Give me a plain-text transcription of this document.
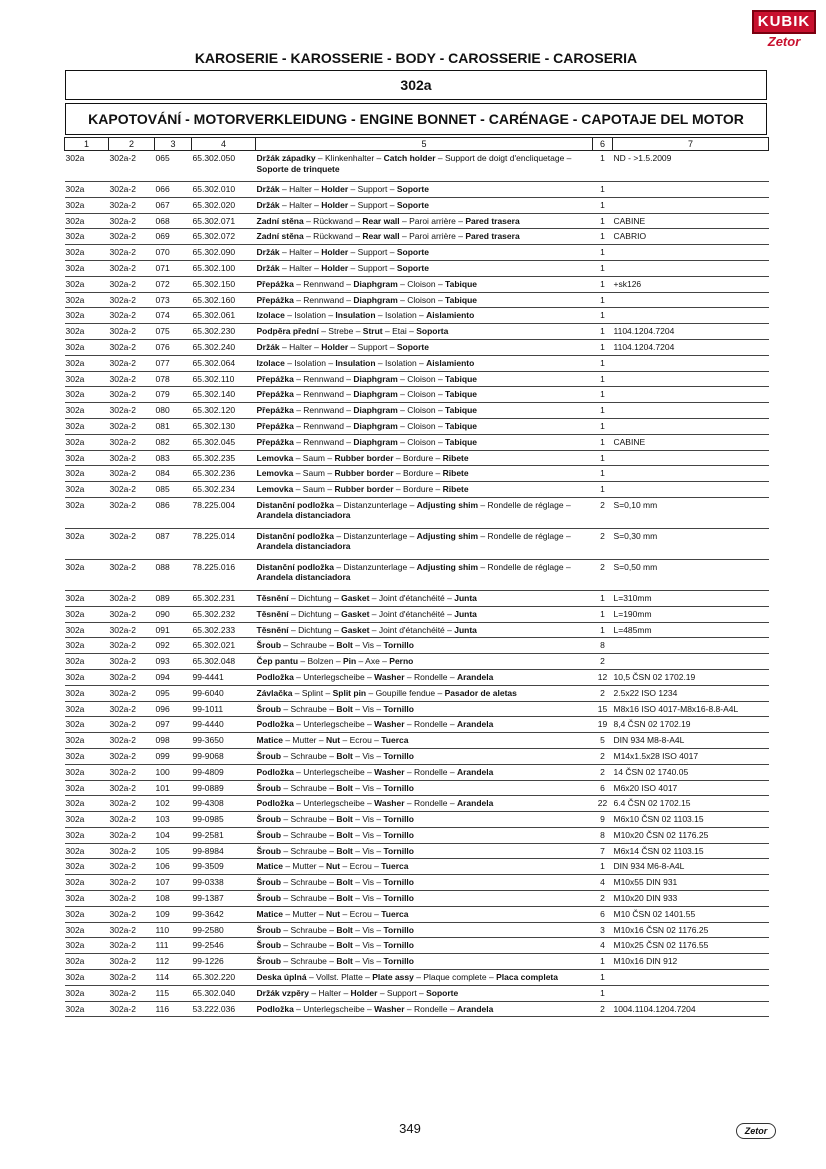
KUBIK
Zetor
KAROSERIE - KAROSSERIE - BODY - CAROSSERIE - CAROSERIA
302a
KAPOTOVÁNÍ - MOTORVERKLEIDUNG - ENGINE BONNET - CARÉNAGE - CAPOTAJE DEL MOTOR
1	2	3	4	5	6	7
302a	302a-2	065	65.302.050	Držák západky – Klinkenhalter – Catch holder – Support de doigt d'encliquetage – Soporte de trinquete	1	ND - >1.5.2009
302a	302a-2	066	65.302.010	Držák – Halter – Holder – Support – Soporte	1	
302a	302a-2	067	65.302.020	Držák – Halter – Holder – Support – Soporte	1	
302a	302a-2	068	65.302.071	Zadní stěna – Rückwand – Rear wall – Paroi arrière – Pared trasera	1	CABINE
302a	302a-2	069	65.302.072	Zadní stěna – Rückwand – Rear wall – Paroi arrière – Pared trasera	1	CABRIO
302a	302a-2	070	65.302.090	Držák – Halter – Holder – Support – Soporte	1	
302a	302a-2	071	65.302.100	Držák – Halter – Holder – Support – Soporte	1	
302a	302a-2	072	65.302.150	Přepážka – Rennwand – Diaphgram – Cloison – Tabique	1	+sk126
302a	302a-2	073	65.302.160	Přepážka – Rennwand – Diaphgram – Cloison – Tabique	1	
302a	302a-2	074	65.302.061	Izolace – Isolation – Insulation – Isolation – Aislamiento	1	
302a	302a-2	075	65.302.230	Podpěra přední – Strebe – Strut – Etai – Soporta	1	1104.1204.7204
302a	302a-2	076	65.302.240	Držák – Halter – Holder – Support – Soporte	1	1104.1204.7204
302a	302a-2	077	65.302.064	Izolace – Isolation – Insulation – Isolation – Aislamiento	1	
302a	302a-2	078	65.302.110	Přepážka – Rennwand – Diaphgram – Cloison – Tabique	1	
302a	302a-2	079	65.302.140	Přepážka – Rennwand – Diaphgram – Cloison – Tabique	1	
302a	302a-2	080	65.302.120	Přepážka – Rennwand – Diaphgram – Cloison – Tabique	1	
302a	302a-2	081	65.302.130	Přepážka – Rennwand – Diaphgram – Cloison – Tabique	1	
302a	302a-2	082	65.302.045	Přepážka – Rennwand – Diaphgram – Cloison – Tabique	1	CABINE
302a	302a-2	083	65.302.235	Lemovka – Saum – Rubber border – Bordure – Ribete	1	
302a	302a-2	084	65.302.236	Lemovka – Saum – Rubber border – Bordure – Ribete	1	
302a	302a-2	085	65.302.234	Lemovka – Saum – Rubber border – Bordure – Ribete	1	
302a	302a-2	086	78.225.004	Distanční podložka – Distanzunterlage – Adjusting shim – Rondelle de réglage – Arandela distanciadora	2	S=0,10 mm
302a	302a-2	087	78.225.014	Distanční podložka – Distanzunterlage – Adjusting shim – Rondelle de réglage – Arandela distanciadora	2	S=0,30 mm
302a	302a-2	088	78.225.016	Distanční podložka – Distanzunterlage – Adjusting shim – Rondelle de réglage – Arandela distanciadora	2	S=0,50 mm
302a	302a-2	089	65.302.231	Těsnění – Dichtung – Gasket – Joint d'étanchéité – Junta	1	L=310mm
302a	302a-2	090	65.302.232	Těsnění – Dichtung – Gasket – Joint d'étanchéité – Junta	1	L=190mm
302a	302a-2	091	65.302.233	Těsnění – Dichtung – Gasket – Joint d'étanchéité – Junta	1	L=485mm
302a	302a-2	092	65.302.021	Šroub – Schraube – Bolt – Vis – Tornillo	8	
302a	302a-2	093	65.302.048	Čep pantu – Bolzen – Pin – Axe – Perno	2	
302a	302a-2	094	99-4441	Podložka – Unterlegscheibe – Washer – Rondelle – Arandela	12	10,5 ČSN 02 1702.19
302a	302a-2	095	99-6040	Závlačka – Splint – Split pin – Goupille fendue – Pasador de aletas	2	2.5x22 ISO 1234
302a	302a-2	096	99-1011	Šroub – Schraube – Bolt – Vis – Tornillo	15	M8x16 ISO 4017-M8x16-8.8-A4L
302a	302a-2	097	99-4440	Podložka – Unterlegscheibe – Washer – Rondelle – Arandela	19	8,4 ČSN 02 1702.19
302a	302a-2	098	99-3650	Matice – Mutter – Nut – Ecrou – Tuerca	5	DIN 934 M8-8-A4L
302a	302a-2	099	99-9068	Šroub – Schraube – Bolt – Vis – Tornillo	2	M14x1.5x28 ISO 4017
302a	302a-2	100	99-4809	Podložka – Unterlegscheibe – Washer – Rondelle – Arandela	2	14 ČSN 02 1740.05
302a	302a-2	101	99-0889	Šroub – Schraube – Bolt – Vis – Tornillo	6	M6x20 ISO 4017
302a	302a-2	102	99-4308	Podložka – Unterlegscheibe – Washer – Rondelle – Arandela	22	6.4 ČSN 02 1702.15
302a	302a-2	103	99-0985	Šroub – Schraube – Bolt – Vis – Tornillo	9	M6x10 ČSN 02 1103.15
302a	302a-2	104	99-2581	Šroub – Schraube – Bolt – Vis – Tornillo	8	M10x20 ČSN 02 1176.25
302a	302a-2	105	99-8984	Šroub – Schraube – Bolt – Vis – Tornillo	7	M6x14 ČSN 02 1103.15
302a	302a-2	106	99-3509	Matice – Mutter – Nut – Ecrou – Tuerca	1	DIN 934 M6-8-A4L
302a	302a-2	107	99-0338	Šroub – Schraube – Bolt – Vis – Tornillo	4	M10x55 DIN 931
302a	302a-2	108	99-1387	Šroub – Schraube – Bolt – Vis – Tornillo	2	M10x20 DIN 933
302a	302a-2	109	99-3642	Matice – Mutter – Nut – Ecrou – Tuerca	6	M10 ČSN 02 1401.55
302a	302a-2	110	99-2580	Šroub – Schraube – Bolt – Vis – Tornillo	3	M10x16 ČSN 02 1176.25
302a	302a-2	111	99-2546	Šroub – Schraube – Bolt – Vis – Tornillo	4	M10x25 ČSN 02 1176.55
302a	302a-2	112	99-1226	Šroub – Schraube – Bolt – Vis – Tornillo	1	M10x16 DIN 912
302a	302a-2	114	65.302.220	Deska úplná – Vollst. Platte – Plate assy – Plaque complete – Placa completa	1	
302a	302a-2	115	65.302.040	Držák vzpěry – Halter – Holder – Support – Soporte	1	
302a	302a-2	116	53.222.036	Podložka – Unterlegscheibe – Washer – Rondelle – Arandela	2	1004.1104.1204.7204
349	Zetor
